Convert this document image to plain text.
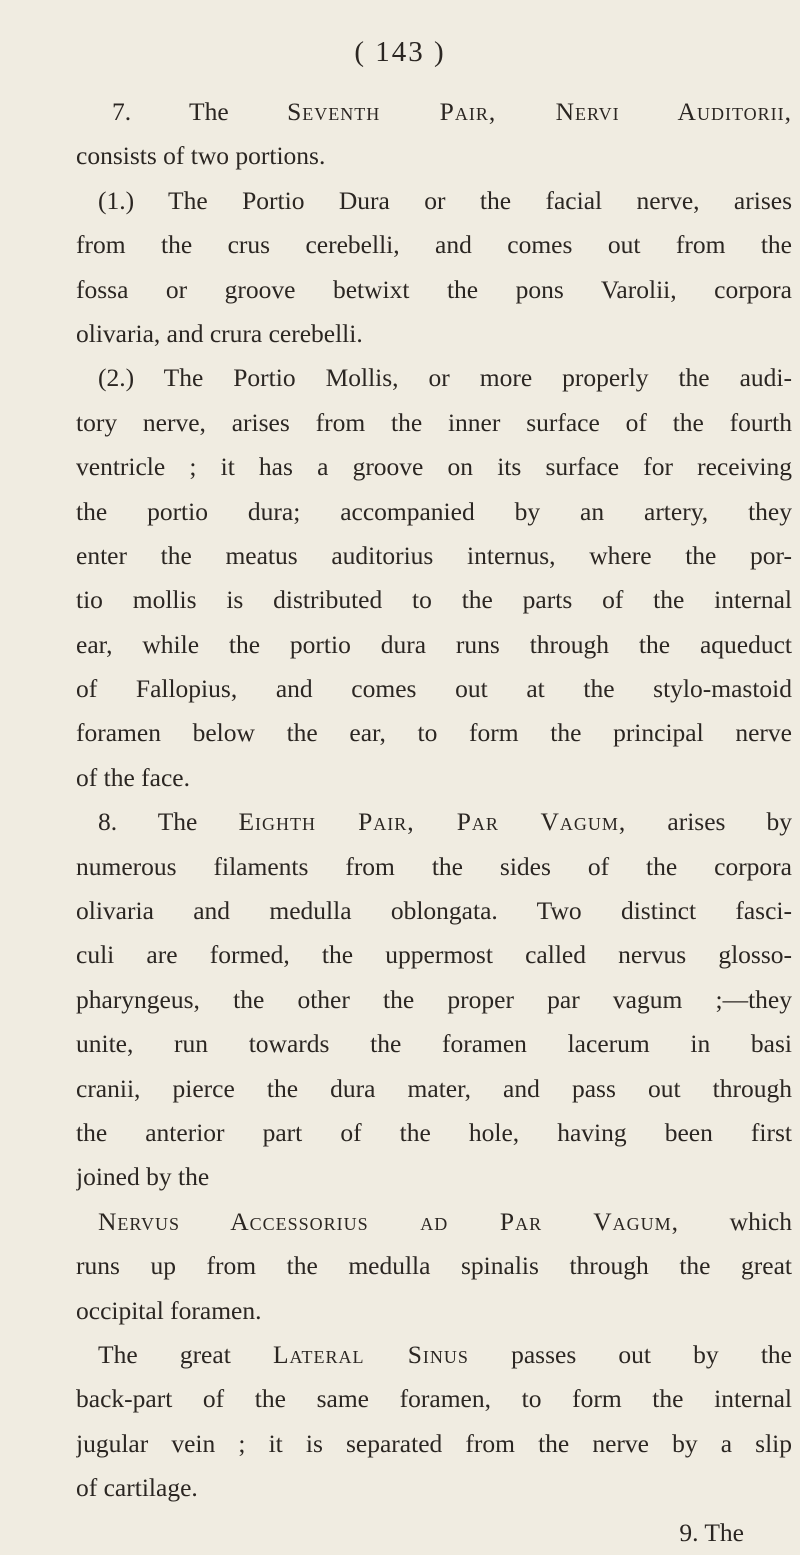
( 143 )
7. The Seventh Pair, Nervi Auditorii,
consists of two portions.
(1.) The Portio Dura or the facial nerve, arises
from the crus cerebelli, and comes out from the
fossa or groove betwixt the pons Varolii, corpora
olivaria, and crura cerebelli.
(2.) The Portio Mollis, or more properly the audi-
tory nerve, arises from the inner surface of the fourth
ventricle ; it has a groove on its surface for receiving
the portio dura; accompanied by an artery, they
enter the meatus auditorius internus, where the por-
tio mollis is distributed to the parts of the internal
ear, while the portio dura runs through the aqueduct
of Fallopius, and comes out at the stylo-mastoid
foramen below the ear, to form the principal nerve
of the face.
8. The Eighth Pair, Par Vagum, arises by
numerous filaments from the sides of the corpora
olivaria and medulla oblongata. Two distinct fasci-
culi are formed, the uppermost called nervus glosso-
pharyngeus, the other the proper par vagum ;—they
unite, run towards the foramen lacerum in basi
cranii, pierce the dura mater, and pass out through
the anterior part of the hole, having been first
joined by the
Nervus Accessorius ad Par Vagum, which
runs up from the medulla spinalis through the great
occipital foramen.
The great Lateral Sinus passes out by the
back-part of the same foramen, to form the internal
jugular vein ; it is separated from the nerve by a slip
of cartilage.
9. The
